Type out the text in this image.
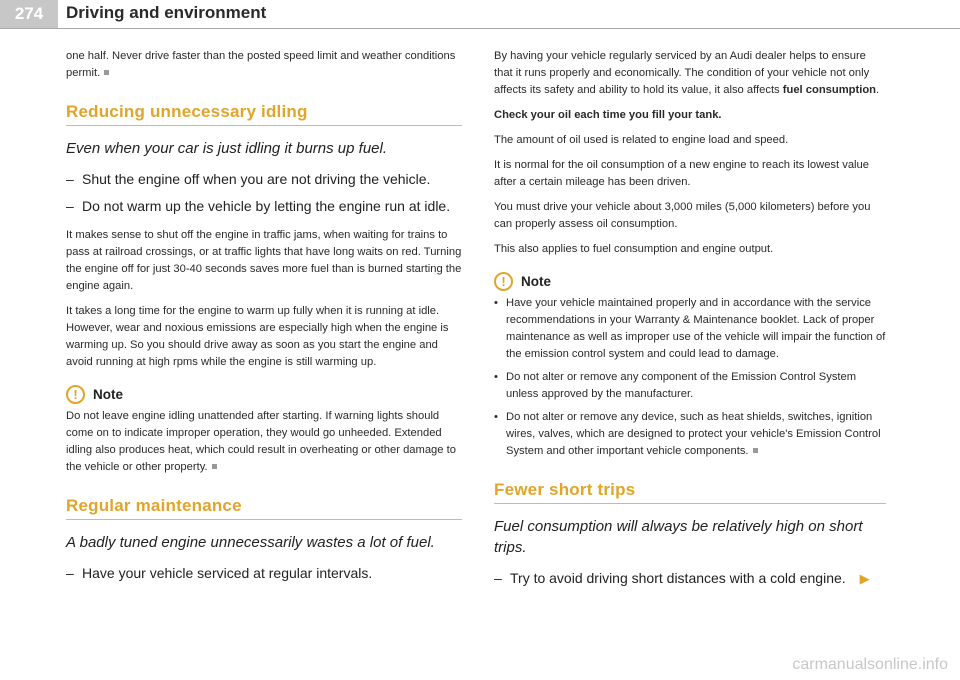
274	Driving and environment

one half. Never drive faster than the posted speed limit and weather conditions permit.

Reducing unnecessary idling

Even when your car is just idling it burns up fuel.

– Shut the engine off when you are not driving the vehicle.
– Do not warm up the vehicle by letting the engine run at idle.

It makes sense to shut off the engine in traffic jams, when waiting for trains to pass at railroad crossings, or at traffic lights that have long waits on red. Turning the engine off for just 30-40 seconds saves more fuel than is burned starting the engine again.

It takes a long time for the engine to warm up fully when it is running at idle. However, wear and noxious emissions are especially high when the engine is warming up. So you should drive away as soon as you start the engine and avoid running at high rpms while the engine is still warming up.

!	Note

Do not leave engine idling unattended after starting. If warning lights should come on to indicate improper operation, they would go unheeded. Extended idling also produces heat, which could result in overheating or other damage to the vehicle or other property.

Regular maintenance

A badly tuned engine unnecessarily wastes a lot of fuel.

– Have your vehicle serviced at regular intervals.

By having your vehicle regularly serviced by an Audi dealer helps to ensure that it runs properly and economically. The condition of your vehicle not only affects its safety and ability to hold its value, it also affects fuel consumption.

Check your oil each time you fill your tank.

The amount of oil used is related to engine load and speed.

It is normal for the oil consumption of a new engine to reach its lowest value after a certain mileage has been driven.

You must drive your vehicle about 3,000 miles (5,000 kilometers) before you can properly assess oil consumption.

This also applies to fuel consumption and engine output.

!	Note
• Have your vehicle maintained properly and in accordance with the service recommendations in your Warranty & Maintenance booklet. Lack of proper maintenance as well as improper use of the vehicle will impair the function of the emission control system and could lead to damage.
• Do not alter or remove any component of the Emission Control System unless approved by the manufacturer.
• Do not alter or remove any device, such as heat shields, switches, ignition wires, valves, which are designed to protect your vehicle's Emission Control System and other important vehicle components.
Fewer short trips

Fuel consumption will always be relatively high on short trips.

– Try to avoid driving short distances with a cold engine. ▶
carmanualsonline.info
